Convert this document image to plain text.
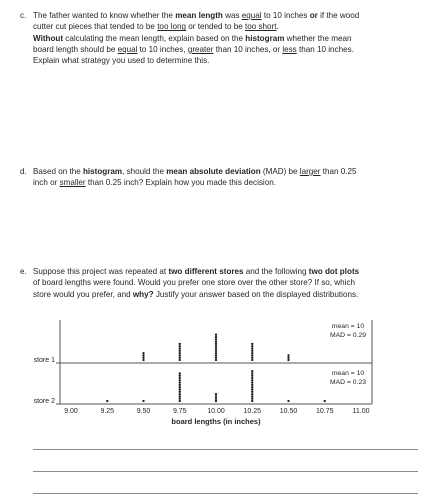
c. The father wanted to know whether the mean length was equal to 10 inches or if the wood

cutter cut pieces that tended to be too long or tended to be too short.

Without calculating the mean length, explain based on the histogram whether the mean

board length should be equal to 10 inches, greater than 10 inches, or less than 10 inches.

Explain what strategy you used to determine this.

d. Based on the histogram, should the mean absolute deviation (MAD) be larger than 0.25

inch or smaller than 0.25 inch? Explain how you made this decision.

e. Suppose this project was repeated at two different stores and the following two dot plots

of board lengths were found. Would you prefer one store over the other store? If so, which

store would you prefer, and why? Justify your answer based on the displayed distributions.

store 1
mean = 10
MAD = 0.29
store 2
mean = 10
MAD = 0.23
9.00	9.25	9.50	9.75	10.00	10.25	10.50	10.75	11.00
board lengths (in inches)
